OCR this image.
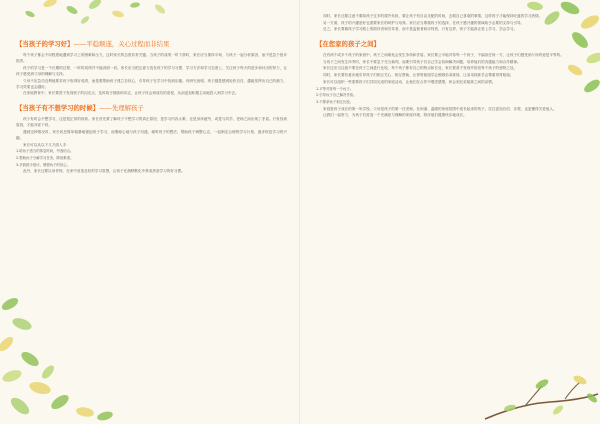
【当孩子的学习好】——平稳顺遂，关心过程而非结果

每个孩子都会不同程度地遇到学习上的困难和压力，这时家长的态度非常关键。当孩子的成绩一时下滑时，家长应当保持平和，与孩子一起分析原因，而不是急于批评指责。

孩子的学习是一个长期的过程，一时的成绩并不能说明一切。家长应当把注意力放在孩子的学习习惯、学习方法和学习态度上，关注孩子每天的进步和付出的努力，让孩子感受到父母的理解与支持。

父母不应急功近利地要求孩子取得好成绩，而是要帮助孩子建立自信心，引导孩子在学习中找到乐趣。有研究表明，孩子越是感到轻松自在，越能发挥出自己的潜力，学习效果也会越好。

在家庭教育中，家长要善于发现孩子的闪光点，及时给予鼓励和肯定，让孩子体会到成功的喜悦，从而更加积极主动地投入到学习中去。

【当孩子有不想学习的时候】——先理解孩子

孩子有时会不想学习，这是很正常的现象。家长首先要了解孩子不想学习的真正原因，是学习内容太难，还是身体疲劳，或是与同学、老师之间出现了矛盾。只有找到原因，才能对症下药。

遇到这种情况时，家长切忌简单粗暴地强迫孩子学习，而要耐心地与孩子沟通，倾听孩子的想法，帮助孩子调整心态，一起制定合理的学习计划，逐步恢复学习的兴趣。

家长可以从以下几方面入手：

1.给孩子适当的休息时间，劳逸结合。

2.帮助孩子分解学习任务，降低难度。

3.多鼓励少批评，增强孩子的信心。

此外，家长还要以身作则，在家中营造良好的学习氛围，让孩子在潜移默化中养成热爱学习的好习惯。

同时，家长还要注意不要给孩子过多的课外负担，要让孩子有自由支配的时间，去做自己喜欢的事情，这样孩子才能保持旺盛的学习热情。

另一方面，孩子的兴趣爱好也需要家长的呵护与培养。家长应当尊重孩子的选择，在孩子感兴趣的领域给予必要的支持与引导。

总之，家长要做孩子学习路上的陪伴者和引导者，而不是监督者和评判者，只有这样，孩子才能真正爱上学习，学会学习。

【在您家的孩子之间】

在有两个或多个孩子的家庭中，孩子之间难免会发生争执和矛盾。家长要公平地对待每一个孩子，不偏袒任何一方，让孩子们感受到父母的爱是平等的。

当孩子之间发生冲突时，家长不要急于充当裁判，而要引导孩子们自己学会协商解决问题，培养他们的沟通能力和合作精神。

家长还应当注意不要在孩子之间进行比较，每个孩子都有自己的特点和长处，家长要善于发现并欣赏每个孩子的独特之处。

同时，家长要有意识地引导孩子们相互关心、相互帮助，让哥哥姐姐学会照顾弟弟妹妹，让弟弟妹妹学会尊重哥哥姐姐。

家长可以组织一些需要孩子们共同完成的家庭活动，让他们在合作中增进感情，体会到兄弟姐妹之间的亲情。

1.平等对待每一个孩子。

2.引导孩子自己解决矛盾。

3.不要拿孩子相互比较。

家庭是孩子成长的第一所学校，父母是孩子的第一任老师。在和谐、温暖的家庭氛围中成长起来的孩子，往往更加自信、乐观，也更懂得关爱他人。

让我们一起努力，为孩子们营造一个充满爱与理解的家庭环境，陪伴他们健康快乐地成长。
